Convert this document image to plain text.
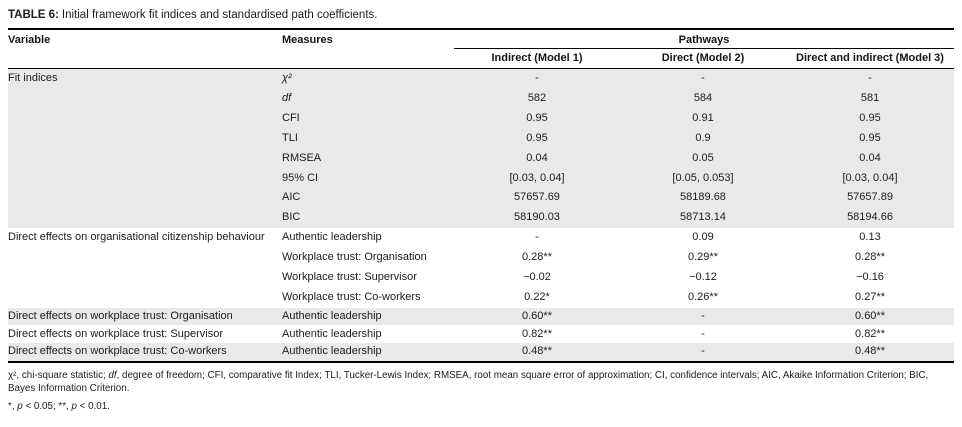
TABLE 6: Initial framework fit indices and standardised path coefficients.
Variable	Measures	Pathways		
		Indirect (Model 1)	Direct (Model 2)	Direct and indirect (Model 3)
Fit indices	χ²	-	-	-
	df	582	584	581
	CFI	0.95	0.91	0.95
	TLI	0.95	0.9	0.95
	RMSEA	0.04	0.05	0.04
	95% CI	[0.03, 0.04]	[0.05, 0.053]	[0.03, 0.04]
	AIC	57657.69	58189.68	57657.89
	BIC	58190.03	58713.14	58194.66
Direct effects on organisational citizenship behaviour	Authentic leadership	-	0.09	0.13
	Workplace trust: Organisation	0.28**	0.29**	0.28**
	Workplace trust: Supervisor	−0.02	−0.12	−0.16
	Workplace trust: Co-workers	0.22*	0.26**	0.27**
Direct effects on workplace trust: Organisation	Authentic leadership	0.60**	-	0.60**
Direct effects on workplace trust: Supervisor	Authentic leadership	0.82**	-	0.82**
Direct effects on workplace trust: Co-workers	Authentic leadership	0.48**	-	0.48**
χ², chi-square statistic; df, degree of freedom; CFI, comparative fit Index; TLI, Tucker-Lewis Index; RMSEA, root mean square error of approximation; CI, confidence intervals; AIC, Akaike Information Criterion; BIC, Bayes Information Criterion.
*, p < 0.05; **, p < 0.01.
